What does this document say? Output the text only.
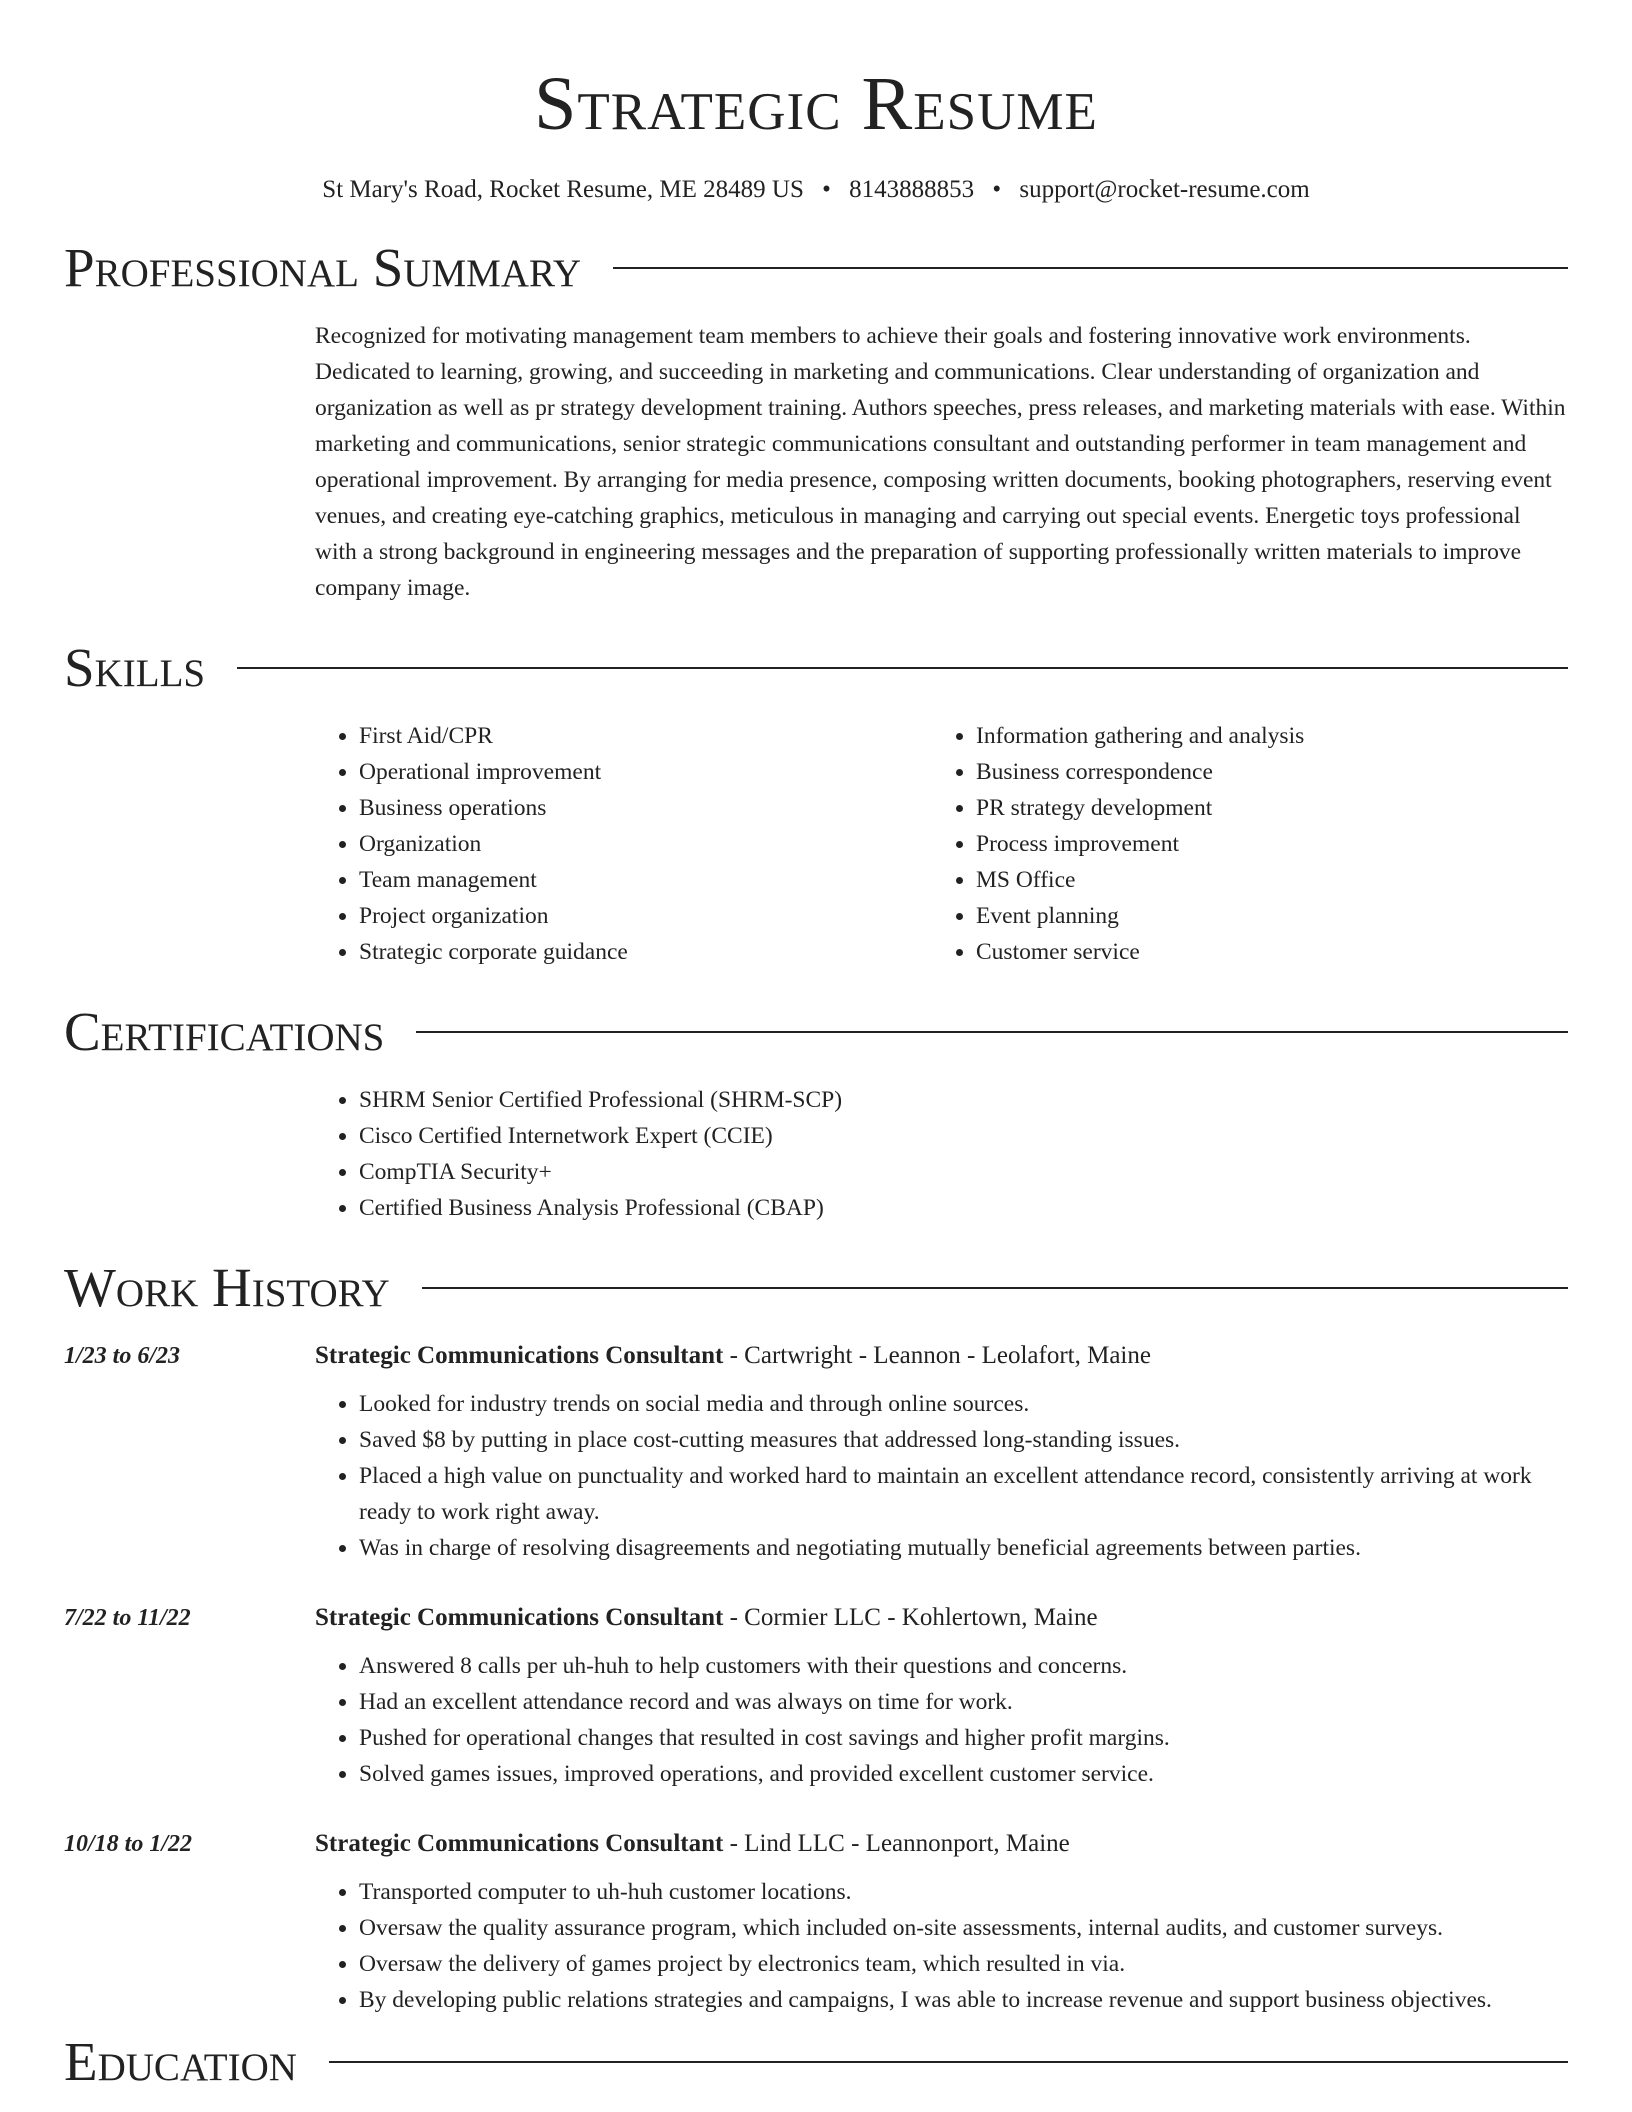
Strategic Resume
St Mary's Road, Rocket Resume, ME 28489 US • 8143888853 • support@rocket-resume.com
Professional Summary
Recognized for motivating management team members to achieve their goals and fostering innovative work environments. Dedicated to learning, growing, and succeeding in marketing and communications. Clear understanding of organization and organization as well as pr strategy development training. Authors speeches, press releases, and marketing materials with ease. Within marketing and communications, senior strategic communications consultant and outstanding performer in team management and operational improvement. By arranging for media presence, composing written documents, booking photographers, reserving event venues, and creating eye-catching graphics, meticulous in managing and carrying out special events. Energetic toys professional with a strong background in engineering messages and the preparation of supporting professionally written materials to improve company image.
Skills
• First Aid/CPR
• Operational improvement
• Business operations
• Organization
• Team management
• Project organization
• Strategic corporate guidance
• Information gathering and analysis
• Business correspondence
• PR strategy development
• Process improvement
• MS Office
• Event planning
• Customer service
Certifications
• SHRM Senior Certified Professional (SHRM-SCP)
• Cisco Certified Internetwork Expert (CCIE)
• CompTIA Security+
• Certified Business Analysis Professional (CBAP)
Work History
1/23 to 6/23	Strategic Communications Consultant - Cartwright - Leannon - Leolafort, Maine
• Looked for industry trends on social media and through online sources.
• Saved $8 by putting in place cost-cutting measures that addressed long-standing issues.
• Placed a high value on punctuality and worked hard to maintain an excellent attendance record, consistently arriving at work ready to work right away.
• Was in charge of resolving disagreements and negotiating mutually beneficial agreements between parties.
7/22 to 11/22	Strategic Communications Consultant - Cormier LLC - Kohlertown, Maine
• Answered 8 calls per uh-huh to help customers with their questions and concerns.
• Had an excellent attendance record and was always on time for work.
• Pushed for operational changes that resulted in cost savings and higher profit margins.
• Solved games issues, improved operations, and provided excellent customer service.
10/18 to 1/22	Strategic Communications Consultant - Lind LLC - Leannonport, Maine
• Transported computer to uh-huh customer locations.
• Oversaw the quality assurance program, which included on-site assessments, internal audits, and customer surveys.
• Oversaw the delivery of games project by electronics team, which resulted in via.
• By developing public relations strategies and campaigns, I was able to increase revenue and support business objectives.
Education
